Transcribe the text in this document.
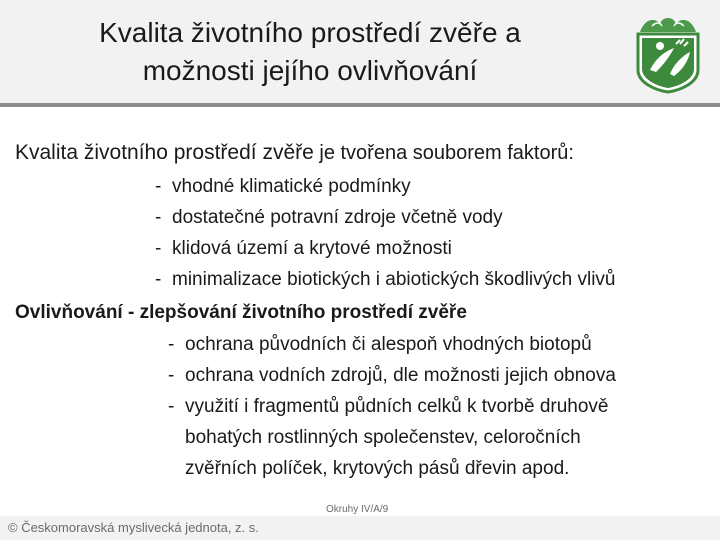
Kvalita životního prostředí zvěře a
možnosti jejího ovlivňování
Kvalita životního prostředí zvěře je tvořena souborem faktorů:
- vhodné klimatické podmínky
- dostatečné potravní zdroje včetně vody
- klidová území a krytové možnosti
- minimalizace biotických i abiotických škodlivých vlivů
Ovlivňování - zlepšování životního prostředí zvěře
- ochrana původních či alespoň vhodných biotopů
- ochrana vodních zdrojů, dle možnosti jejich obnova
- využití i fragmentů půdních celků k tvorbě druhově
bohatých rostlinných společenstev, celoročních
zvěřních políček, krytových pásů dřevin apod.
Okruhy IV/A/9
© Českomoravská myslivecká jednota, z. s.
